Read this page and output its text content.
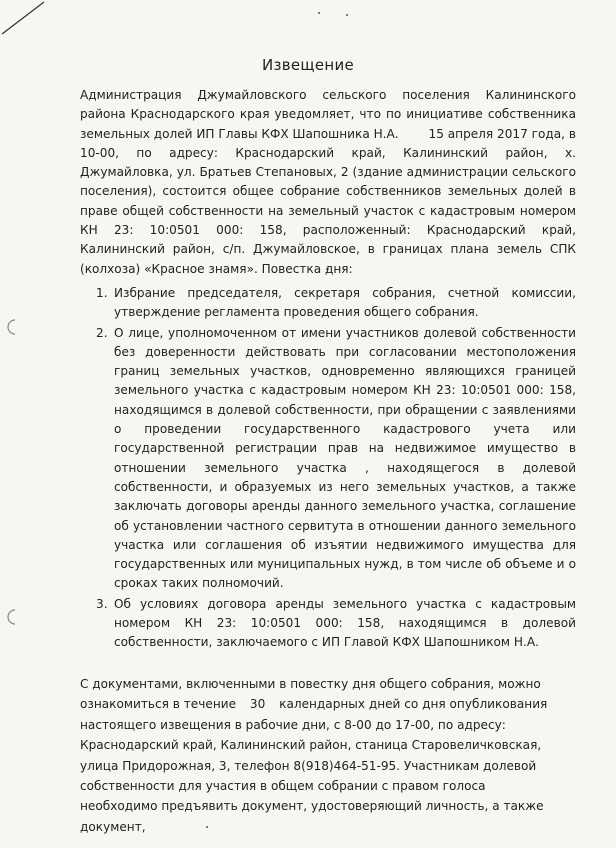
Извещение

Администрация Джумайловского сельского поселения Калининского района Краснодарского края уведомляет, что по инициативе собственника земельных долей ИП Главы КФХ Шапошника Н.А. 15 апреля 2017 года, в 10-00, по адресу: Краснодарский край, Калининский район, х. Джумайловка, ул. Братьев Степановых, 2 (здание администрации сельского поселения), состоится общее собрание собственников земельных долей в праве общей собственности на земельный участок с кадастровым номером КН 23: 10:0501 000: 158, расположенный: Краснодарский край, Калининский район, с/п. Джумайловское, в границах плана земель СПК (колхоза) «Красное знамя». Повестка дня:

1. Избрание председателя, секретаря собрания, счетной комиссии, утверждение регламента проведения общего собрания.
2. О лице, уполномоченном от имени участников долевой собственности без доверенности действовать при согласовании местоположения границ земельных участков, одновременно являющихся границей земельного участка с кадастровым номером КН 23: 10:0501 000: 158, находящимся в долевой собственности, при обращении с заявлениями о проведении государственного кадастрового учета или государственной регистрации прав на недвижимое имущество в отношении земельного участка , находящегося в долевой собственности, и образуемых из него земельных участков, а также заключать договоры аренды данного земельного участка, соглашение об установлении частного сервитута в отношении данного земельного участка или соглашения об изъятии недвижимого имущества для государственных или муниципальных нужд, в том числе об объеме и о сроках таких полномочий.
3. Об условиях договора аренды земельного участка с кадастровым номером КН 23: 10:0501 000: 158, находящимся в долевой собственности, заключаемого с ИП Главой КФХ Шапошником Н.А.

С документами, включенными в повестку дня общего собрания, можно ознакомиться в течение 30 календарных дней со дня опубликования настоящего извещения в рабочие дни, с 8-00 до 17-00, по адресу: Краснодарский край, Калининский район, станица Старовеличковская, улица Придорожная, 3, телефон 8(918)464-51-95. Участникам долевой собственности для участия в общем собрании с правом голоса необходимо предъявить документ, удостоверяющий личность, а также документ,
